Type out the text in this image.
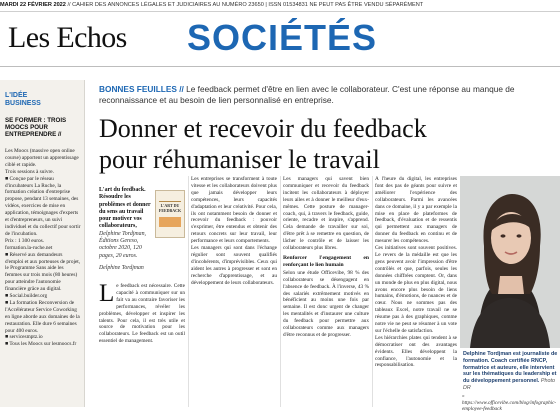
MARDI 22 FÉVRIER 2022 // CAHIER DES ANNONCES LÉGALES ET JUDICIAIRES AU NUMÉRO 23650 | ISSN 01534831 NE PEUT PAS ÊTRE VENDU SÉPARÉMENT
Les Echos SOCIÉTÉS
L'IDÉE
BUSINESS
SE FORMER : TROIS MOOCS POUR ENTREPRENDRE //

Les Moocs (massive open online course) apportent un apprentissage ciblé et rapide.

Trois sessions à suivre.

■ Conçue par le réseau d'incubateurs La Ruche, la formation création d'entreprise propose, pendant 13 semaines, des vidéos, exercices de mise en application, témoignages d'experts et d'entrepreneurs, un suivi individuel et du collectif pour sortir de l'incubation.

Prix : 1 300 euros.

formation.la-ruche.net

■ Réservé aux demandeurs d'emploi et aux porteuses de projet, le Programme Sans aide les femmes sur trois mois (80 heures) pour atteindre l'autonomie financière grâce au digital.

■ Social.builder.org

■ La formation Reconversion de l'Accélérateur Service Coworking en ligne aborde aux domaines de la restauration. Elle dure 6 semaines pour 400 euros.

■ servicesmptz.io

■ Tous les Moocs sur lesmoocs.fr

BONNES FEUILLES // Le feedback permet d'être en lien avec le collaborateur. C'est une réponse au manque de reconnaissance et au besoin de lien personnalisé en entreprise.
Donner et recevoir du feedback
pour réhumaniser le travail
L'art du feedback. Résoudre les problèmes et donner du sens au travail pour motiver vos collaborateurs, Delphine Tordjman, Éditions Gereso, octobre 2020, 120 pages, 20 euros.
L'ART DU FEEDBACK
Delphine Tordjman
Le feedback est nécessaire. Cette capacité à communiquer sur un fait va au contraire favoriser les performances, révéler les problèmes, développer et inspirer les talents. Pour cela, il est très utile et source de motivation pour les collaborateurs. Le feedback est un outil essentiel de management.

Les entreprises se transforment à toute vitesse et les collaborateurs doivent plus que jamais développer leurs compétences, leurs capacités d'adaptation et leur créativité. Pour cela, ils ont notamment besoin de donner et recevoir du feedback : pouvoir s'exprimer, être entendus et obtenir des retours concrets sur leur travail, leur performance et leurs comportements.

Les managers qui sont dans l'échange régulier sont souvent qualifiés d'incohérents, d'imprévisibles. Ceux qui aident les autres à progresser et sont en recherche d'apprentissage, et au développement de leurs collaborateurs.

Les managers qui savent bien communiquer et recevoir du feedback incitent les collaborateurs à déployer leurs ailes et à donner le meilleur d'eux-mêmes. Cette posture de manager-coach, qui, à travers le feedback, guide, oriente, recadre et inspire, s'apprend. Cela demande de travailler sur soi, d'être prêt à se remettre en question, de lâcher le contrôle et de laisser les collaborateurs plus libres.

Renforcer l'engagement en renforçant le lien humain

Selon une étude Officevibe, 98 % des collaborateurs se désengagent en l'absence de feedback. À l'inverse, 43 % des salariés extrêmement motivés en bénéficient au moins une fois par semaine. Il est donc urgent de changer les mentalités et d'instaurer une culture du feedback pour permettre aux collaborateurs comme aux managers d'être reconnus et de progresser.

À l'heure du digital, les entreprises font des pas de géants pour suivre et améliorer l'expérience des collaborateurs. Parmi les avancées dans ce domaine, il y a par exemple la mise en place de plateformes de feedback, d'évaluation et de ressentis qui permettent aux managers de donner du feedback en continu et de mesurer les compétences.

Ces initiatives sont souvent positives. Le revers de la médaille est que les gens peuvent avoir l'impression d'être contrôlés et que, parfois, seules les données chiffrées comptent. Or, dans un monde de plus en plus digital, nous avons encore plus besoin de liens humains, d'émotions, de nuances et de cœur. Nous ne sommes pas des tableaux Excel, notre travail ne se résume pas à des graphiques, comme notre vie ne peut se résumer à un vote sur l'échelle de satisfaction.

Les hiérarchies plates qui tendent à se démocratiser ont des avantages évidents. Elles développent la confiance, l'autonomie et la responsabilisation.

Delphine Tordjman est journaliste de formation. Coach certifiée RNCP, formatrice et auteure, elle intervient sur les thématiques du leadership et du développement personnel. Photo DR
» https://www.officevibe.com/blog/infographic-employee-feedback
